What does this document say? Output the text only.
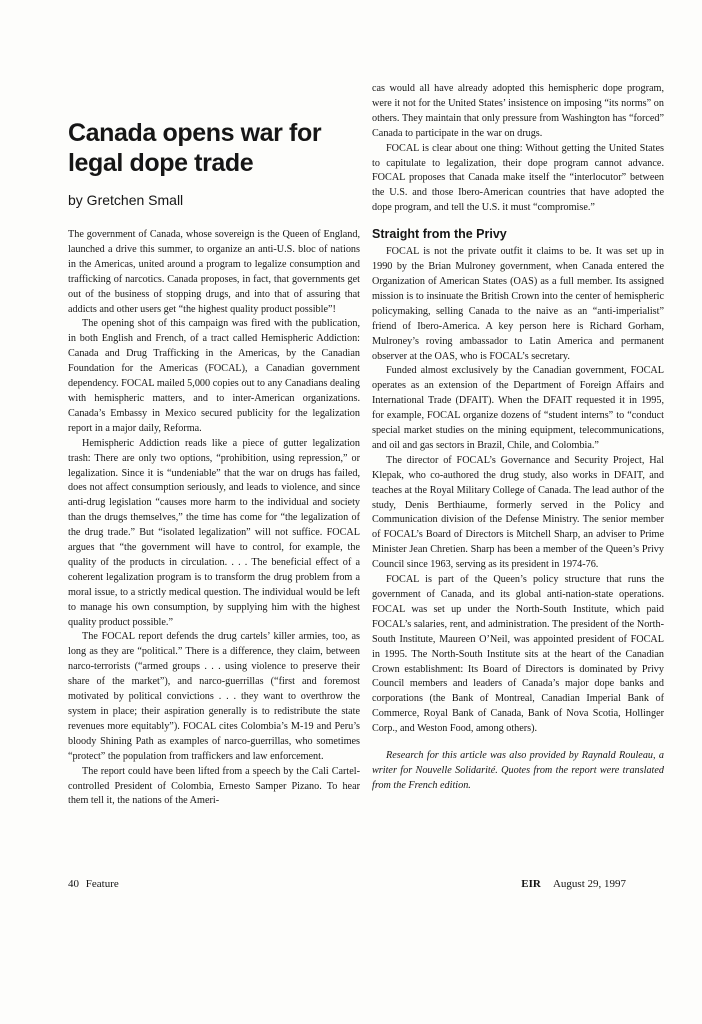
Canada opens war for legal dope trade
by Gretchen Small

The government of Canada, whose sovereign is the Queen of England, launched a drive this summer, to organize an anti-U.S. bloc of nations in the Americas, united around a program to legalize consumption and trafficking of narcotics. Canada proposes, in fact, that governments get out of the business of stopping drugs, and into that of assuring that addicts and other users get “the highest quality product possible”!

The opening shot of this campaign was fired with the publication, in both English and French, of a tract called Hemispheric Addiction: Canada and Drug Trafficking in the Americas, by the Canadian Foundation for the Americas (FOCAL), a Canadian government dependency. FOCAL mailed 5,000 copies out to any Canadians dealing with hemispheric matters, and to inter-American organizations. Canada’s Embassy in Mexico secured publicity for the legalization report in a major daily, Reforma.

Hemispheric Addiction reads like a piece of gutter legalization trash: There are only two options, “prohibition, using repression,” or legalization. Since it is “undeniable” that the war on drugs has failed, does not affect consumption seriously, and leads to violence, and since anti-drug legislation “causes more harm to the individual and society than the drugs themselves,” the time has come for “the legalization of the drug trade.” But “isolated legalization” will not suffice. FOCAL argues that “the government will have to control, for example, the quality of the products in circulation. . . . The beneficial effect of a coherent legalization program is to transform the drug problem from a moral issue, to a strictly medical question. The individual would be left to manage his own consumption, by supplying him with the highest quality product possible.”

The FOCAL report defends the drug cartels’ killer armies, too, as long as they are “political.” There is a difference, they claim, between narco-terrorists (“armed groups . . . using violence to preserve their share of the market”), and narco-guerrillas (“first and foremost motivated by political convictions . . . they want to overthrow the system in place; their aspiration generally is to redistribute the state revenues more equitably”). FOCAL cites Colombia’s M-19 and Peru’s bloody Shining Path as examples of narco-guerrillas, who sometimes “protect” the population from traffickers and law enforcement.

The report could have been lifted from a speech by the Cali Cartel-controlled President of Colombia, Ernesto Samper Pizano. To hear them tell it, the nations of the Ameri-

cas would all have already adopted this hemispheric dope program, were it not for the United States’ insistence on imposing “its norms” on others. They maintain that only pressure from Washington has “forced” Canada to participate in the war on drugs.

FOCAL is clear about one thing: Without getting the United States to capitulate to legalization, their dope program cannot advance. FOCAL proposes that Canada make itself the “interlocutor” between the U.S. and those Ibero-American countries that have adopted the dope program, and tell the U.S. it must “compromise.”

Straight from the Privy

FOCAL is not the private outfit it claims to be. It was set up in 1990 by the Brian Mulroney government, when Canada entered the Organization of American States (OAS) as a full member. Its assigned mission is to insinuate the British Crown into the center of hemispheric policymaking, selling Canada to the naive as an “anti-imperialist” friend of Ibero-America. A key person here is Richard Gorham, Mulroney’s roving ambassador to Latin America and permanent observer at the OAS, who is FOCAL’s secretary.

Funded almost exclusively by the Canadian government, FOCAL operates as an extension of the Department of Foreign Affairs and International Trade (DFAIT). When the DFAIT requested it in 1995, for example, FOCAL organize dozens of “student interns” to “conduct special market studies on the mining equipment, telecommunications, and oil and gas sectors in Brazil, Chile, and Colombia.”

The director of FOCAL’s Governance and Security Project, Hal Klepak, who co-authored the drug study, also works in DFAIT, and teaches at the Royal Military College of Canada. The lead author of the study, Denis Berthiaume, formerly served in the Policy and Communication division of the Defense Ministry. The senior member of FOCAL’s Board of Directors is Mitchell Sharp, an adviser to Prime Minister Jean Chretien. Sharp has been a member of the Queen’s Privy Council since 1963, serving as its president in 1974-76.

FOCAL is part of the Queen’s policy structure that runs the government of Canada, and its global anti-nation-state operations. FOCAL was set up under the North-South Institute, which paid FOCAL’s salaries, rent, and administration. The president of the North-South Institute, Maureen O’Neil, was appointed president of FOCAL in 1995. The North-South Institute sits at the heart of the Canadian Crown establishment: Its Board of Directors is dominated by Privy Council members and leaders of Canada’s major dope banks and corporations (the Bank of Montreal, Canadian Imperial Bank of Commerce, Royal Bank of Canada, Bank of Nova Scotia, Hollinger Corp., and Weston Food, among others).

Research for this article was also provided by Raynald Rouleau, a writer for Nouvelle Solidarité. Quotes from the report were translated from the French edition.

40 Feature	EIR August 29, 1997
